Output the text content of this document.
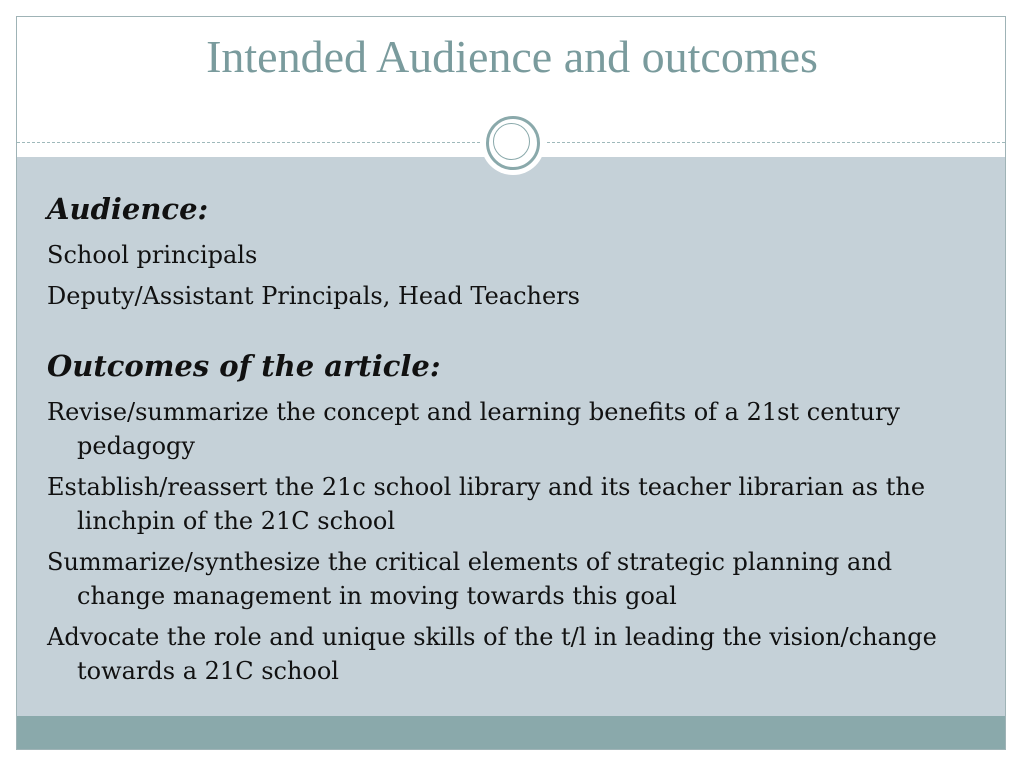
Intended Audience and outcomes
Audience:
School principals
Deputy/Assistant Principals, Head Teachers
Outcomes of the article:
Revise/summarize the concept and learning benefits of a 21st century pedagogy
Establish/reassert the 21c school library and its teacher librarian as the linchpin of the 21C school
Summarize/synthesize the critical elements of strategic planning and change management in moving towards this goal
Advocate the role and unique skills of the t/l in leading the vision/change towards a 21C school
